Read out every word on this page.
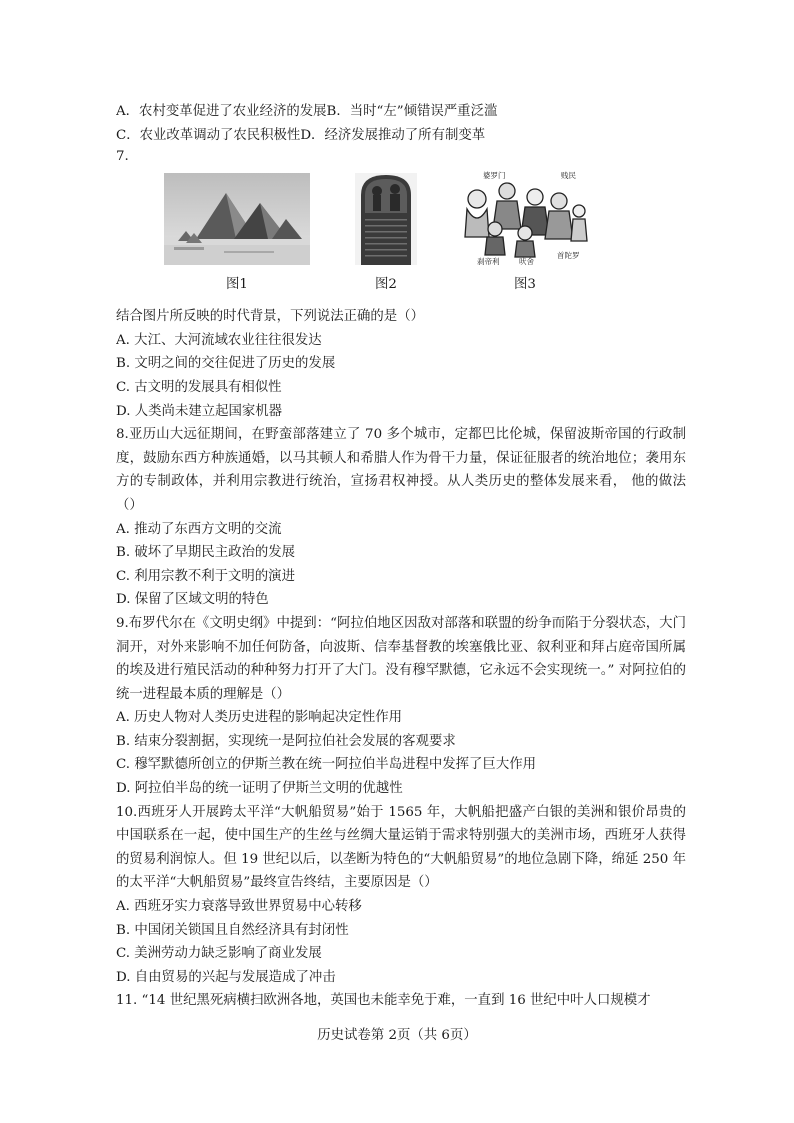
A．农村变革促进了农业经济的发展B．当时“左”倾错误严重泛滥
C．农业改革调动了农民积极性D．经济发展推动了所有制变革
7.
婆罗门	贱民
刹帝利	吠舍
首陀罗
图1	图2	图3
结合图片所反映的时代背景，下列说法正确的是（）
A. 大江、大河流域农业往往很发达
B. 文明之间的交往促进了历史的发展
C. 古文明的发展具有相似性
D. 人类尚未建立起国家机器
8.亚历山大远征期间，在野蛮部落建立了 70 多个城市，定都巴比伦城，保留波斯帝国的行政制度，鼓励东西方种族通婚，以马其顿人和希腊人作为骨干力量，保证征服者的统治地位；袭用东方的专制政体，并利用宗教进行统治，宣扬君权神授。从人类历史的整体发展来看， 他的做法（）
A. 推动了东西方文明的交流
B. 破坏了早期民主政治的发展
C. 利用宗教不利于文明的演进
D. 保留了区域文明的特色
9.布罗代尔在《文明史纲》中提到：“阿拉伯地区因敌对部落和联盟的纷争而陷于分裂状态，大门洞开，对外来影响不加任何防备，向波斯、信奉基督教的埃塞俄比亚、叙利亚和拜占庭帝国所属的埃及进行殖民活动的种种努力打开了大门。没有穆罕默德，它永远不会实现统一。” 对阿拉伯的统一进程最本质的理解是（）
A. 历史人物对人类历史进程的影响起决定性作用
B. 结束分裂割据，实现统一是阿拉伯社会发展的客观要求
C. 穆罕默德所创立的伊斯兰教在统一阿拉伯半岛进程中发挥了巨大作用
D. 阿拉伯半岛的统一证明了伊斯兰文明的优越性
10.西班牙人开展跨太平洋“大帆船贸易”始于 1565 年，大帆船把盛产白银的美洲和银价昂贵的中国联系在一起，使中国生产的生丝与丝绸大量运销于需求特别强大的美洲市场，西班牙人获得的贸易利润惊人。但 19 世纪以后，以垄断为特色的“大帆船贸易”的地位急剧下降，绵延 250 年的太平洋“大帆船贸易”最终宣告终结，主要原因是（）
A. 西班牙实力衰落导致世界贸易中心转移
B. 中国闭关锁国且自然经济具有封闭性
C. 美洲劳动力缺乏影响了商业发展
D. 自由贸易的兴起与发展造成了冲击
11. “14 世纪黑死病横扫欧洲各地，英国也未能幸免于难，一直到 16 世纪中叶人口规模才
历史试卷第 2页（共 6页）
